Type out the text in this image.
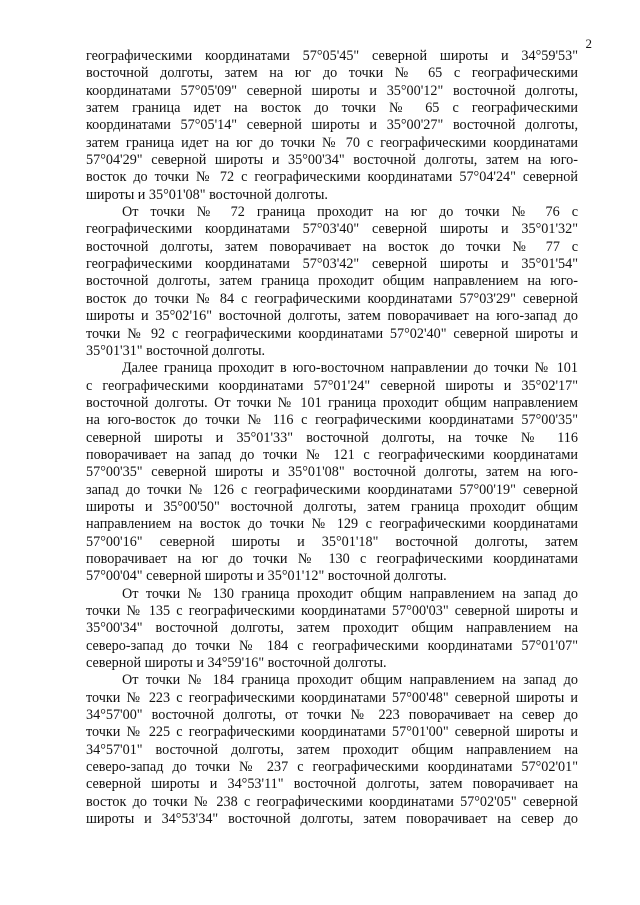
2
географическими координатами 57°05'45" северной широты и 34°59'53"
восточной долготы, затем на юг до точки № 65 с географическими
координатами 57°05'09" северной широты и 35°00'12" восточной долготы,
затем граница идет на восток до точки № 65 с географическими
координатами 57°05'14" северной широты и 35°00'27" восточной долготы,
затем граница идет на юг до точки № 70 с географическими координатами
57°04'29" северной широты и 35°00'34" восточной долготы, затем на юго-
восток до точки № 72 с географическими координатами 57°04'24" северной
широты и 35°01'08" восточной долготы.
От точки № 72 граница проходит на юг до точки № 76 с
географическими координатами 57°03'40" северной широты и 35°01'32"
восточной долготы, затем поворачивает на восток до точки № 77 с
географическими координатами 57°03'42" северной широты и 35°01'54"
восточной долготы, затем граница проходит общим направлением на юго-
восток до точки № 84 с географическими координатами 57°03'29" северной
широты и 35°02'16" восточной долготы, затем поворачивает на юго-запад до
точки № 92 с географическими координатами 57°02'40" северной широты и
35°01'31" восточной долготы.
Далее граница проходит в юго-восточном направлении до точки № 101
с географическими координатами 57°01'24" северной широты и 35°02'17"
восточной долготы. От точки № 101 граница проходит общим направлением
на юго-восток до точки № 116 с географическими координатами 57°00'35"
северной широты и 35°01'33" восточной долготы, на точке № 116
поворачивает на запад до точки № 121 с географическими координатами
57°00'35" северной широты и 35°01'08" восточной долготы, затем на юго-
запад до точки № 126 с географическими координатами 57°00'19" северной
широты и 35°00'50" восточной долготы, затем граница проходит общим
направлением на восток до точки № 129 с географическими координатами
57°00'16" северной широты и 35°01'18" восточной долготы, затем
поворачивает на юг до точки № 130 с географическими координатами
57°00'04" северной широты и 35°01'12" восточной долготы.
От точки № 130 граница проходит общим направлением на запад до
точки № 135 с географическими координатами 57°00'03" северной широты и
35°00'34" восточной долготы, затем проходит общим направлением на
северо-запад до точки № 184 с географическими координатами 57°01'07"
северной широты и 34°59'16" восточной долготы.
От точки № 184 граница проходит общим направлением на запад до
точки № 223 с географическими координатами 57°00'48" северной широты и
34°57'00" восточной долготы, от точки № 223 поворачивает на север до
точки № 225 с географическими координатами 57°01'00" северной широты и
34°57'01" восточной долготы, затем проходит общим направлением на
северо-запад до точки № 237 с географическими координатами 57°02'01"
северной широты и 34°53'11" восточной долготы, затем поворачивает на
восток до точки № 238 с географическими координатами 57°02'05" северной
широты и 34°53'34" восточной долготы, затем поворачивает на север до
